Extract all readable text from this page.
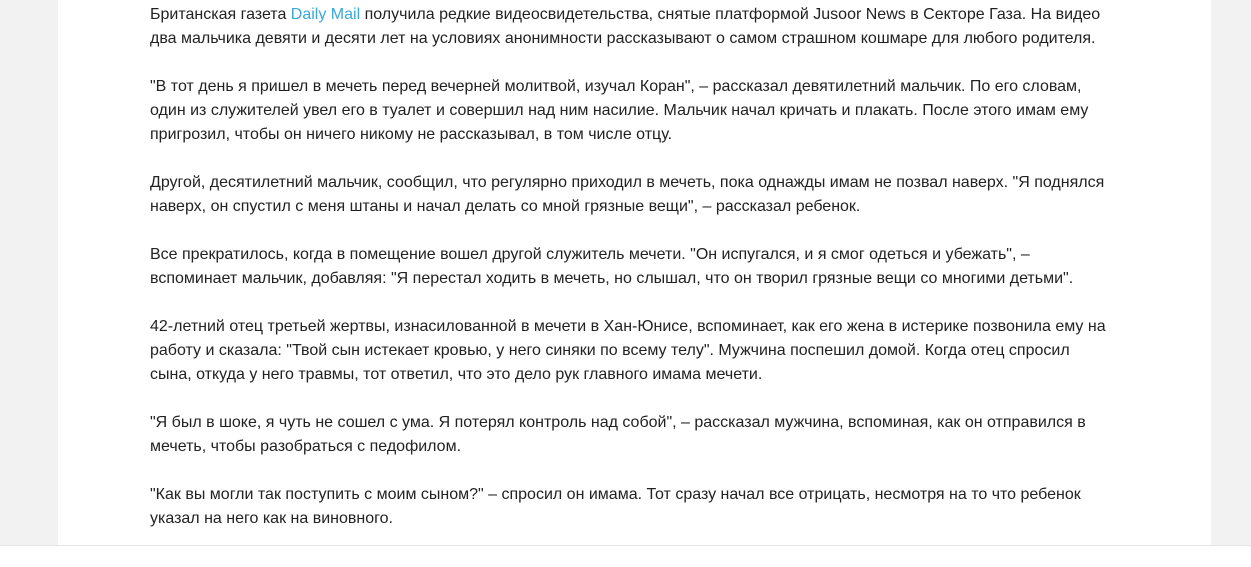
Британская газета Daily Mail получила редкие видеосвидетельства, снятые платформой Jusoor News в Секторе Газа. На видео два мальчика девяти и десяти лет на условиях анонимности рассказывают о самом страшном кошмаре для любого родителя.

"В тот день я пришел в мечеть перед вечерней молитвой, изучал Коран", – рассказал девятилетний мальчик. По его словам, один из служителей увел его в туалет и совершил над ним насилие. Мальчик начал кричать и плакать. После этого имам ему пригрозил, чтобы он ничего никому не рассказывал, в том числе отцу.

Другой, десятилетний мальчик, сообщил, что регулярно приходил в мечеть, пока однажды имам не позвал наверх. "Я поднялся наверх, он спустил с меня штаны и начал делать со мной грязные вещи", – рассказал ребенок.

Все прекратилось, когда в помещение вошел другой служитель мечети. "Он испугался, и я смог одеться и убежать", – вспоминает мальчик, добавляя: "Я перестал ходить в мечеть, но слышал, что он творил грязные вещи со многими детьми".

42-летний отец третьей жертвы, изнасилованной в мечети в Хан-Юнисе, вспоминает, как его жена в истерике позвонила ему на работу и сказала: "Твой сын истекает кровью, у него синяки по всему телу". Мужчина поспешил домой. Когда отец спросил сына, откуда у него травмы, тот ответил, что это дело рук главного имама мечети.

"Я был в шоке, я чуть не сошел с ума. Я потерял контроль над собой", – рассказал мужчина, вспоминая, как он отправился в мечеть, чтобы разобраться с педофилом.

"Как вы могли так поступить с моим сыном?" – спросил он имама. Тот сразу начал все отрицать, несмотря на то что ребенок указал на него как на виновного.
